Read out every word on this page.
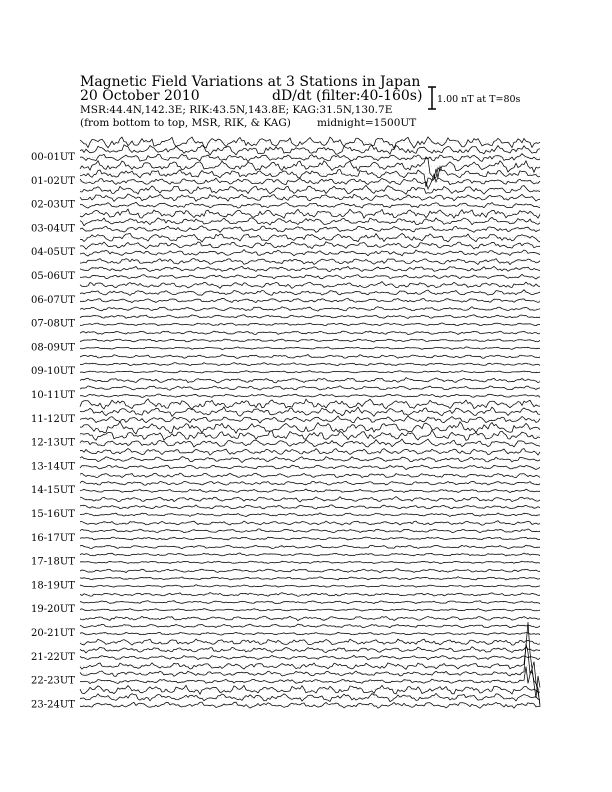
Magnetic Field Variations at 3 Stations in Japan
20 October 2010	dD/dt (filter:40-160s)
MSR:44.4N,142.3E; RIK:43.5N,143.8E; KAG:31.5N,130.7E
(from bottom to top, MSR, RIK, & KAG) midnight=1500UT
1.00 nT at T=80s
00-01UT
01-02UT
02-03UT
03-04UT
04-05UT
05-06UT
06-07UT
07-08UT
08-09UT
09-10UT
10-11UT
11-12UT
12-13UT
13-14UT
14-15UT
15-16UT
16-17UT
17-18UT
18-19UT
19-20UT
20-21UT
21-22UT
22-23UT
23-24UT
